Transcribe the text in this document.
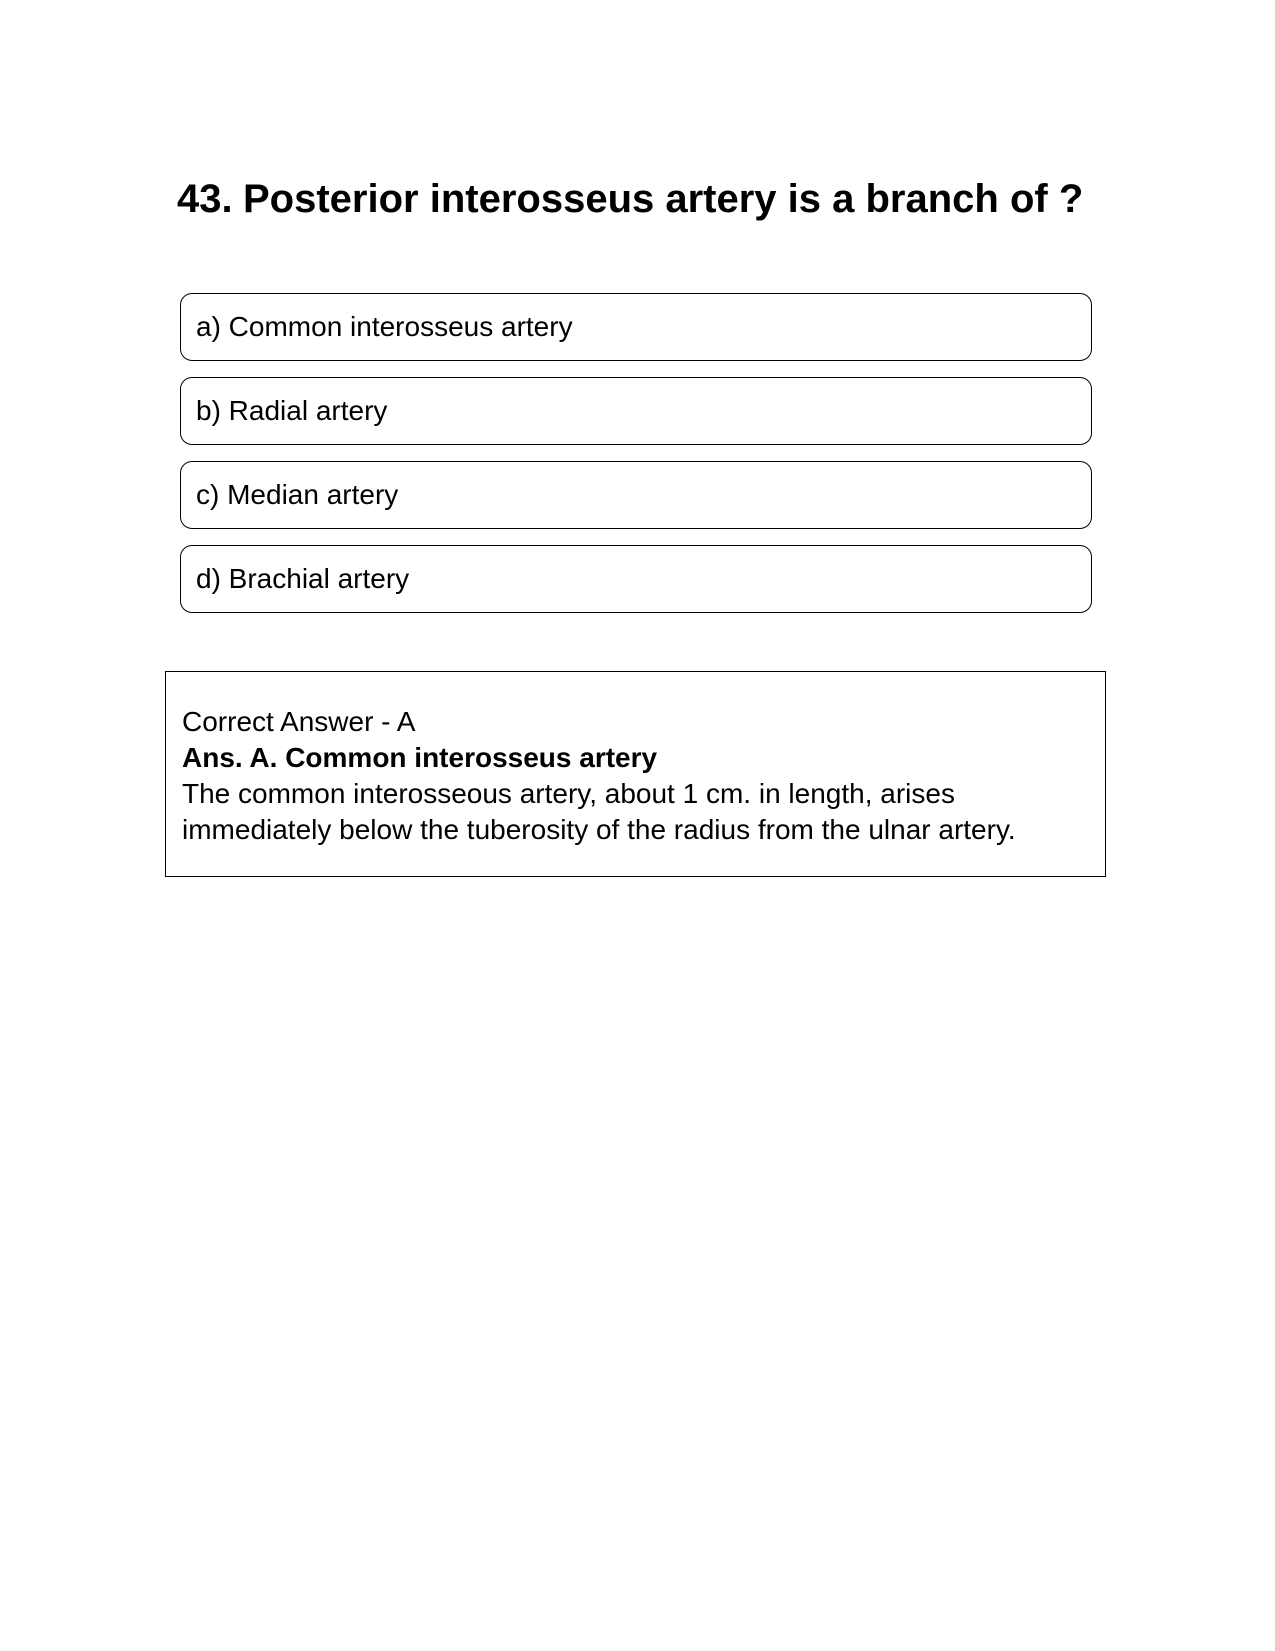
43. Posterior interosseus artery is a branch of ?
a) Common interosseus artery
b) Radial artery
c) Median artery
d) Brachial artery
Correct Answer - A
Ans. A. Common interosseus artery
The common interosseous artery, about 1 cm. in length, arises immediately below the tuberosity of the radius from the ulnar artery.
